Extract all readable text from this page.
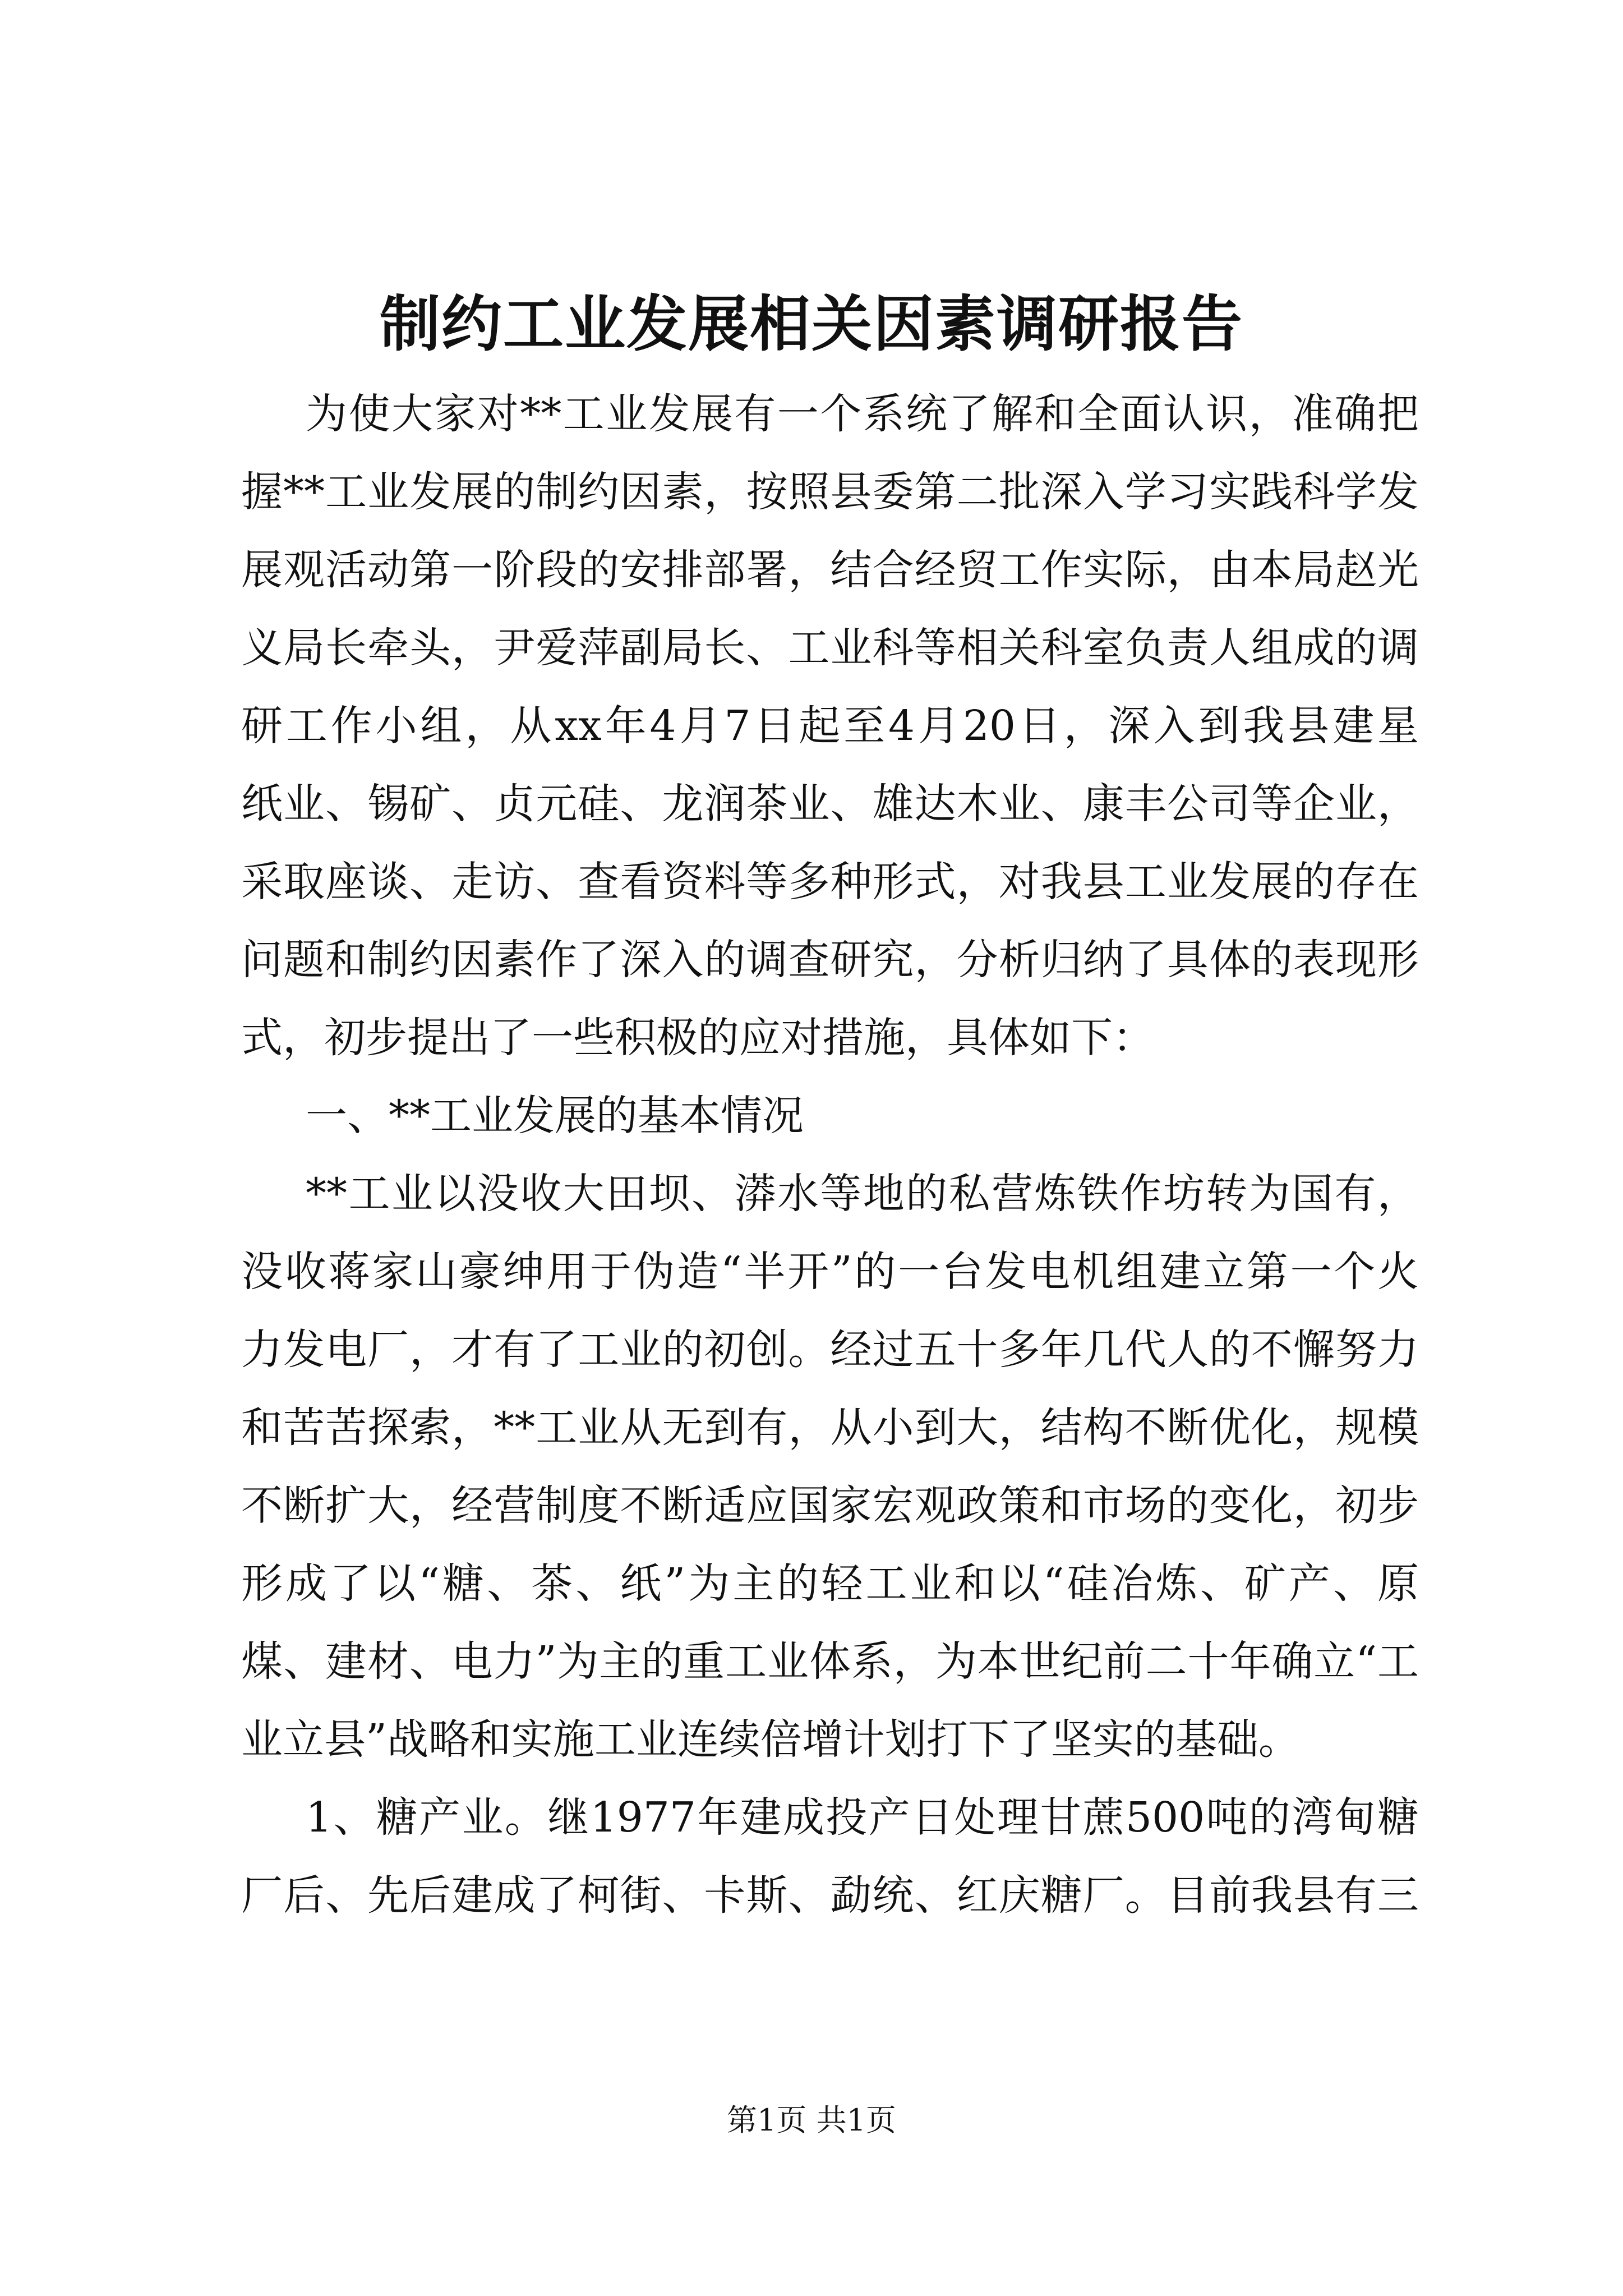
制约工业发展相关因素调研报告
为使大家对**工业发展有一个系统了解和全面认识，准确把
握**工业发展的制约因素，按照县委第二批深入学习实践科学发
展观活动第一阶段的安排部署，结合经贸工作实际，由本局赵光
义局长牵头，尹爱萍副局长、工业科等相关科室负责人组成的调
研工作小组，从xx年4月7日起至4月20日，深入到我县建星
纸业、锡矿、贞元硅、龙润茶业、雄达木业、康丰公司等企业，
采取座谈、走访、查看资料等多种形式，对我县工业发展的存在
问题和制约因素作了深入的调查研究，分析归纳了具体的表现形
式，初步提出了一些积极的应对措施，具体如下：
一、**工业发展的基本情况
**工业以没收大田坝、漭水等地的私营炼铁作坊转为国有，
没收蒋家山豪绅用于伪造“半开”的一台发电机组建立第一个火
力发电厂，才有了工业的初创。经过五十多年几代人的不懈努力
和苦苦探索，**工业从无到有，从小到大，结构不断优化，规模
不断扩大，经营制度不断适应国家宏观政策和市场的变化，初步
形成了以“糖、茶、纸”为主的轻工业和以“硅冶炼、矿产、原
煤、建材、电力”为主的重工业体系，为本世纪前二十年确立“工
业立县”战略和实施工业连续倍增计划打下了坚实的基础。
1、糖产业。继1977年建成投产日处理甘蔗500吨的湾甸糖
厂后、先后建成了柯街、卡斯、勐统、红庆糖厂。目前我县有三
第1页 共1页
